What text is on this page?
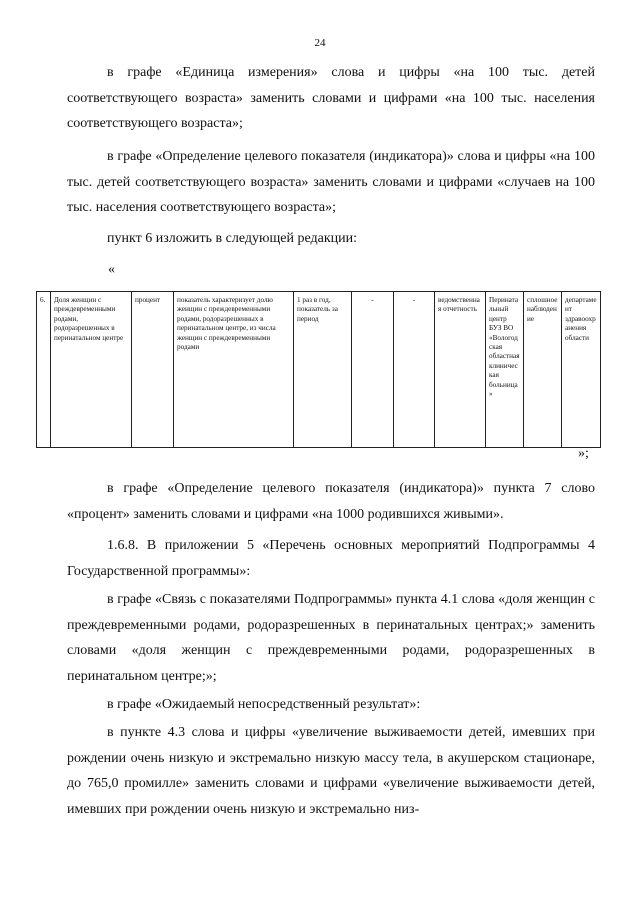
24

в графе «Единица измерения» слова и цифры «на 100 тыс. детей соответствующего возраста» заменить словами и цифрами «на 100 тыс. населения соответствующего возраста»;

в графе «Определение целевого показателя (индикатора)» слова и цифры «на 100 тыс. детей соответствующего возраста» заменить словами и цифрами «случаев на 100 тыс. населения соответствующего возраста»;

пункт 6 изложить в следующей редакции:

«
6.	Доля женщин с преждевременными родами, родоразрешенных в перинатальном центре	процент	показатель характеризует долю женщин с преждевременными родами, родоразрешенных в перинатальном центре, из числа женщин с преждевременными родами	1 раз в год, показатель за период	-	-	ведомственная отчетность	Перинатальный центр БУЗ ВО «Вологодская областная клиническая больница»	сплошное наблюдение	департамент здравоохранения области
»;

в графе «Определение целевого показателя (индикатора)» пункта 7 слово «процент» заменить словами и цифрами «на 1000 родившихся живыми».

1.6.8. В приложении 5 «Перечень основных мероприятий Подпрограммы 4 Государственной программы»:

в графе «Связь с показателями Подпрограммы» пункта 4.1 слова «доля женщин с преждевременными родами, родоразрешенных в перинатальных центрах;» заменить словами «доля женщин с преждевременными родами, родоразрешенных в перинатальном центре;»;

в графе «Ожидаемый непосредственный результат»:

в пункте 4.3 слова и цифры «увеличение выживаемости детей, имевших при рождении очень низкую и экстремально низкую массу тела, в акушерском стационаре, до 765,0 промилле» заменить словами и цифрами «увеличение выживаемости детей, имевших при рождении очень низкую и экстремально низ-
